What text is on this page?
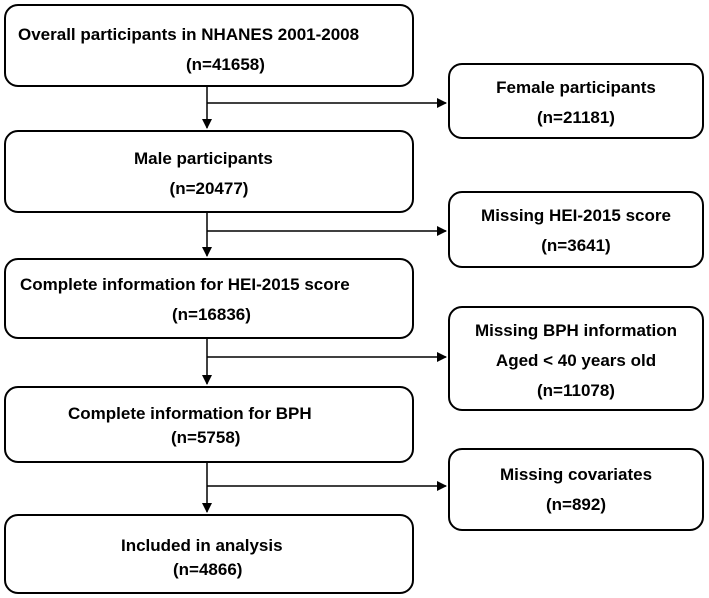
Overall participants in NHANES 2001-2008
(n=41658)
Male participants
(n=20477)
Complete information for HEI-2015 score
(n=16836)
Complete information for BPH
(n=5758)
Included in analysis
(n=4866)
Female participants
(n=21181)
Missing HEI-2015 score
(n=3641)
Missing BPH information
Aged < 40 years old
(n=11078)
Missing covariates
(n=892)
